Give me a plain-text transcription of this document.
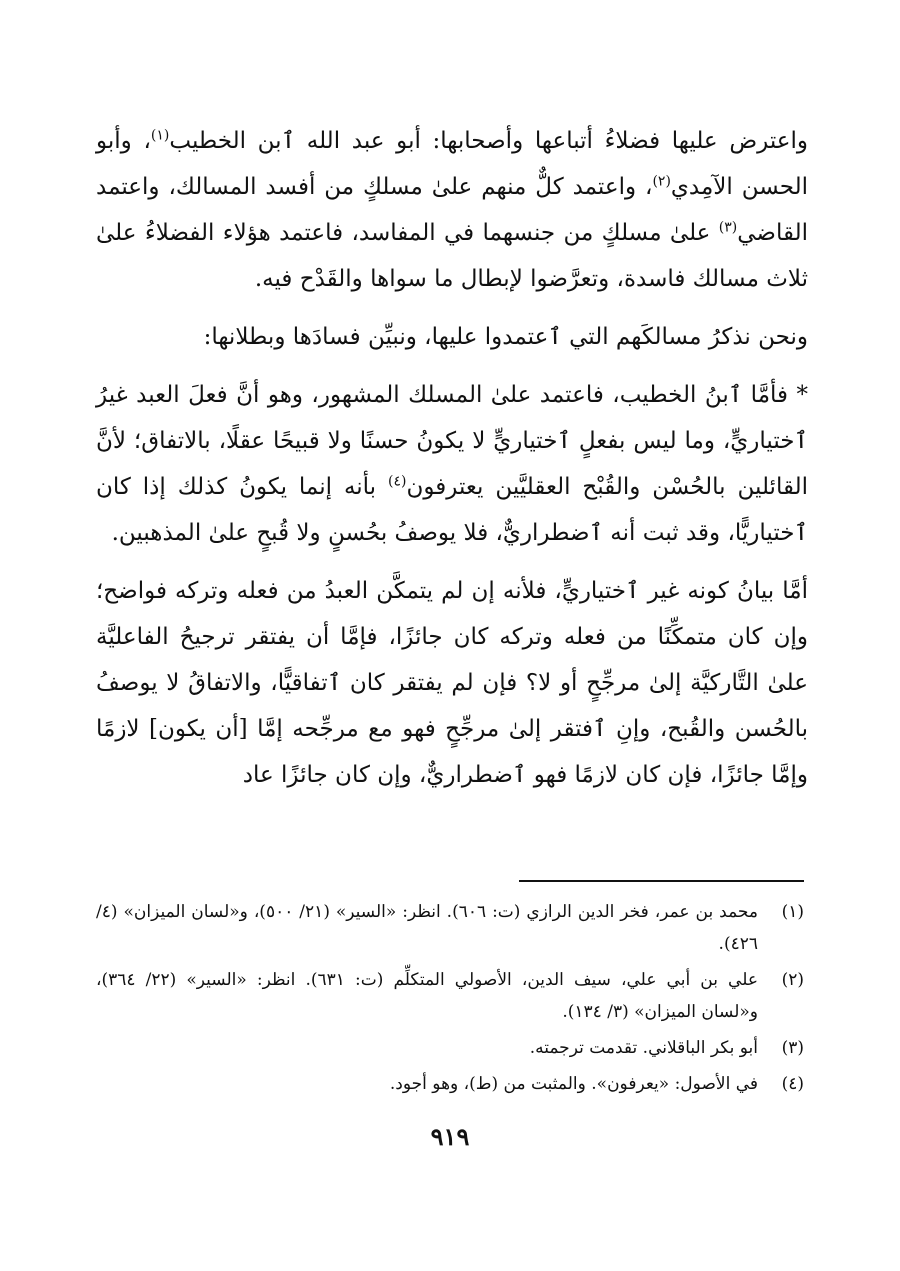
واعترض عليها فضلاءُ أتباعها وأصحابها: أبو عبد الله ٱبن الخطيب$^{(١)}$، وأبو الحسن الآمِدي$^{(٢)}$، واعتمد كلٌّ منهم علىٰ مسلكٍ من أفسد المسالك، واعتمد القاضي$^{(٣)}$ علىٰ مسلكٍ من جنسهما في المفاسد، فاعتمد هؤلاء الفضلاءُ علىٰ ثلاث مسالك فاسدة، وتعرَّضوا لإبطال ما سواها والقَدْح فيه.

ونحن نذكرُ مسالكَهم التي ٱعتمدوا عليها، ونبيِّن فسادَها وبطلانها:

* فأمَّا ٱبنُ الخطيب، فاعتمد علىٰ المسلك المشهور، وهو أنَّ فعلَ العبد غيرُ ٱختياريٍّ، وما ليس بفعلٍ ٱختياريٍّ لا يكونُ حسنًا ولا قبيحًا عقلًا، بالاتفاق؛ لأنَّ القائلين بالحُسْن والقُبْح العقليَّين يعترفون$^{(٤)}$ بأنه إنما يكونُ كذلك إذا كان ٱختياريًّا، وقد ثبت أنه ٱضطراريٌّ، فلا يوصفُ بحُسنٍ ولا قُبحٍ علىٰ المذهبين.

أمَّا بيانُ كونه غير ٱختياريٍّ، فلأنه إن لم يتمكَّن العبدُ من فعله وتركه فواضح؛ وإن كان متمكِّنًا من فعله وتركه كان جائزًا، فإمَّا أن يفتقر ترجيحُ الفاعليَّة علىٰ التَّاركيَّة إلىٰ مرجِّحٍ أو لا؟ فإن لم يفتقر كان ٱتفاقيًّا، والاتفاقُ لا يوصفُ بالحُسن والقُبح، وإنِ ٱفتقر إلىٰ مرجِّحٍ فهو مع مرجِّحه إمَّا [أن يكون] لازمًا وإمَّا جائزًا، فإن كان لازمًا فهو ٱضطراريٌّ، وإن كان جائزًا عاد

(١)
محمد بن عمر، فخر الدين الرازي (ت: ٦٠٦). انظر: «السير» (٢١/ ٥٠٠)، و«لسان الميزان» (٤/ ٤٢٦).
(٢)
علي بن أبي علي، سيف الدين، الأصولي المتكلِّم (ت: ٦٣١). انظر: «السير» (٢٢/ ٣٦٤)، و«لسان الميزان» (٣/ ١٣٤).
(٣)
أبو بكر الباقلاني. تقدمت ترجمته.
(٤)
في الأصول: «يعرفون». والمثبت من (ط)، وهو أجود.
٩١٩
